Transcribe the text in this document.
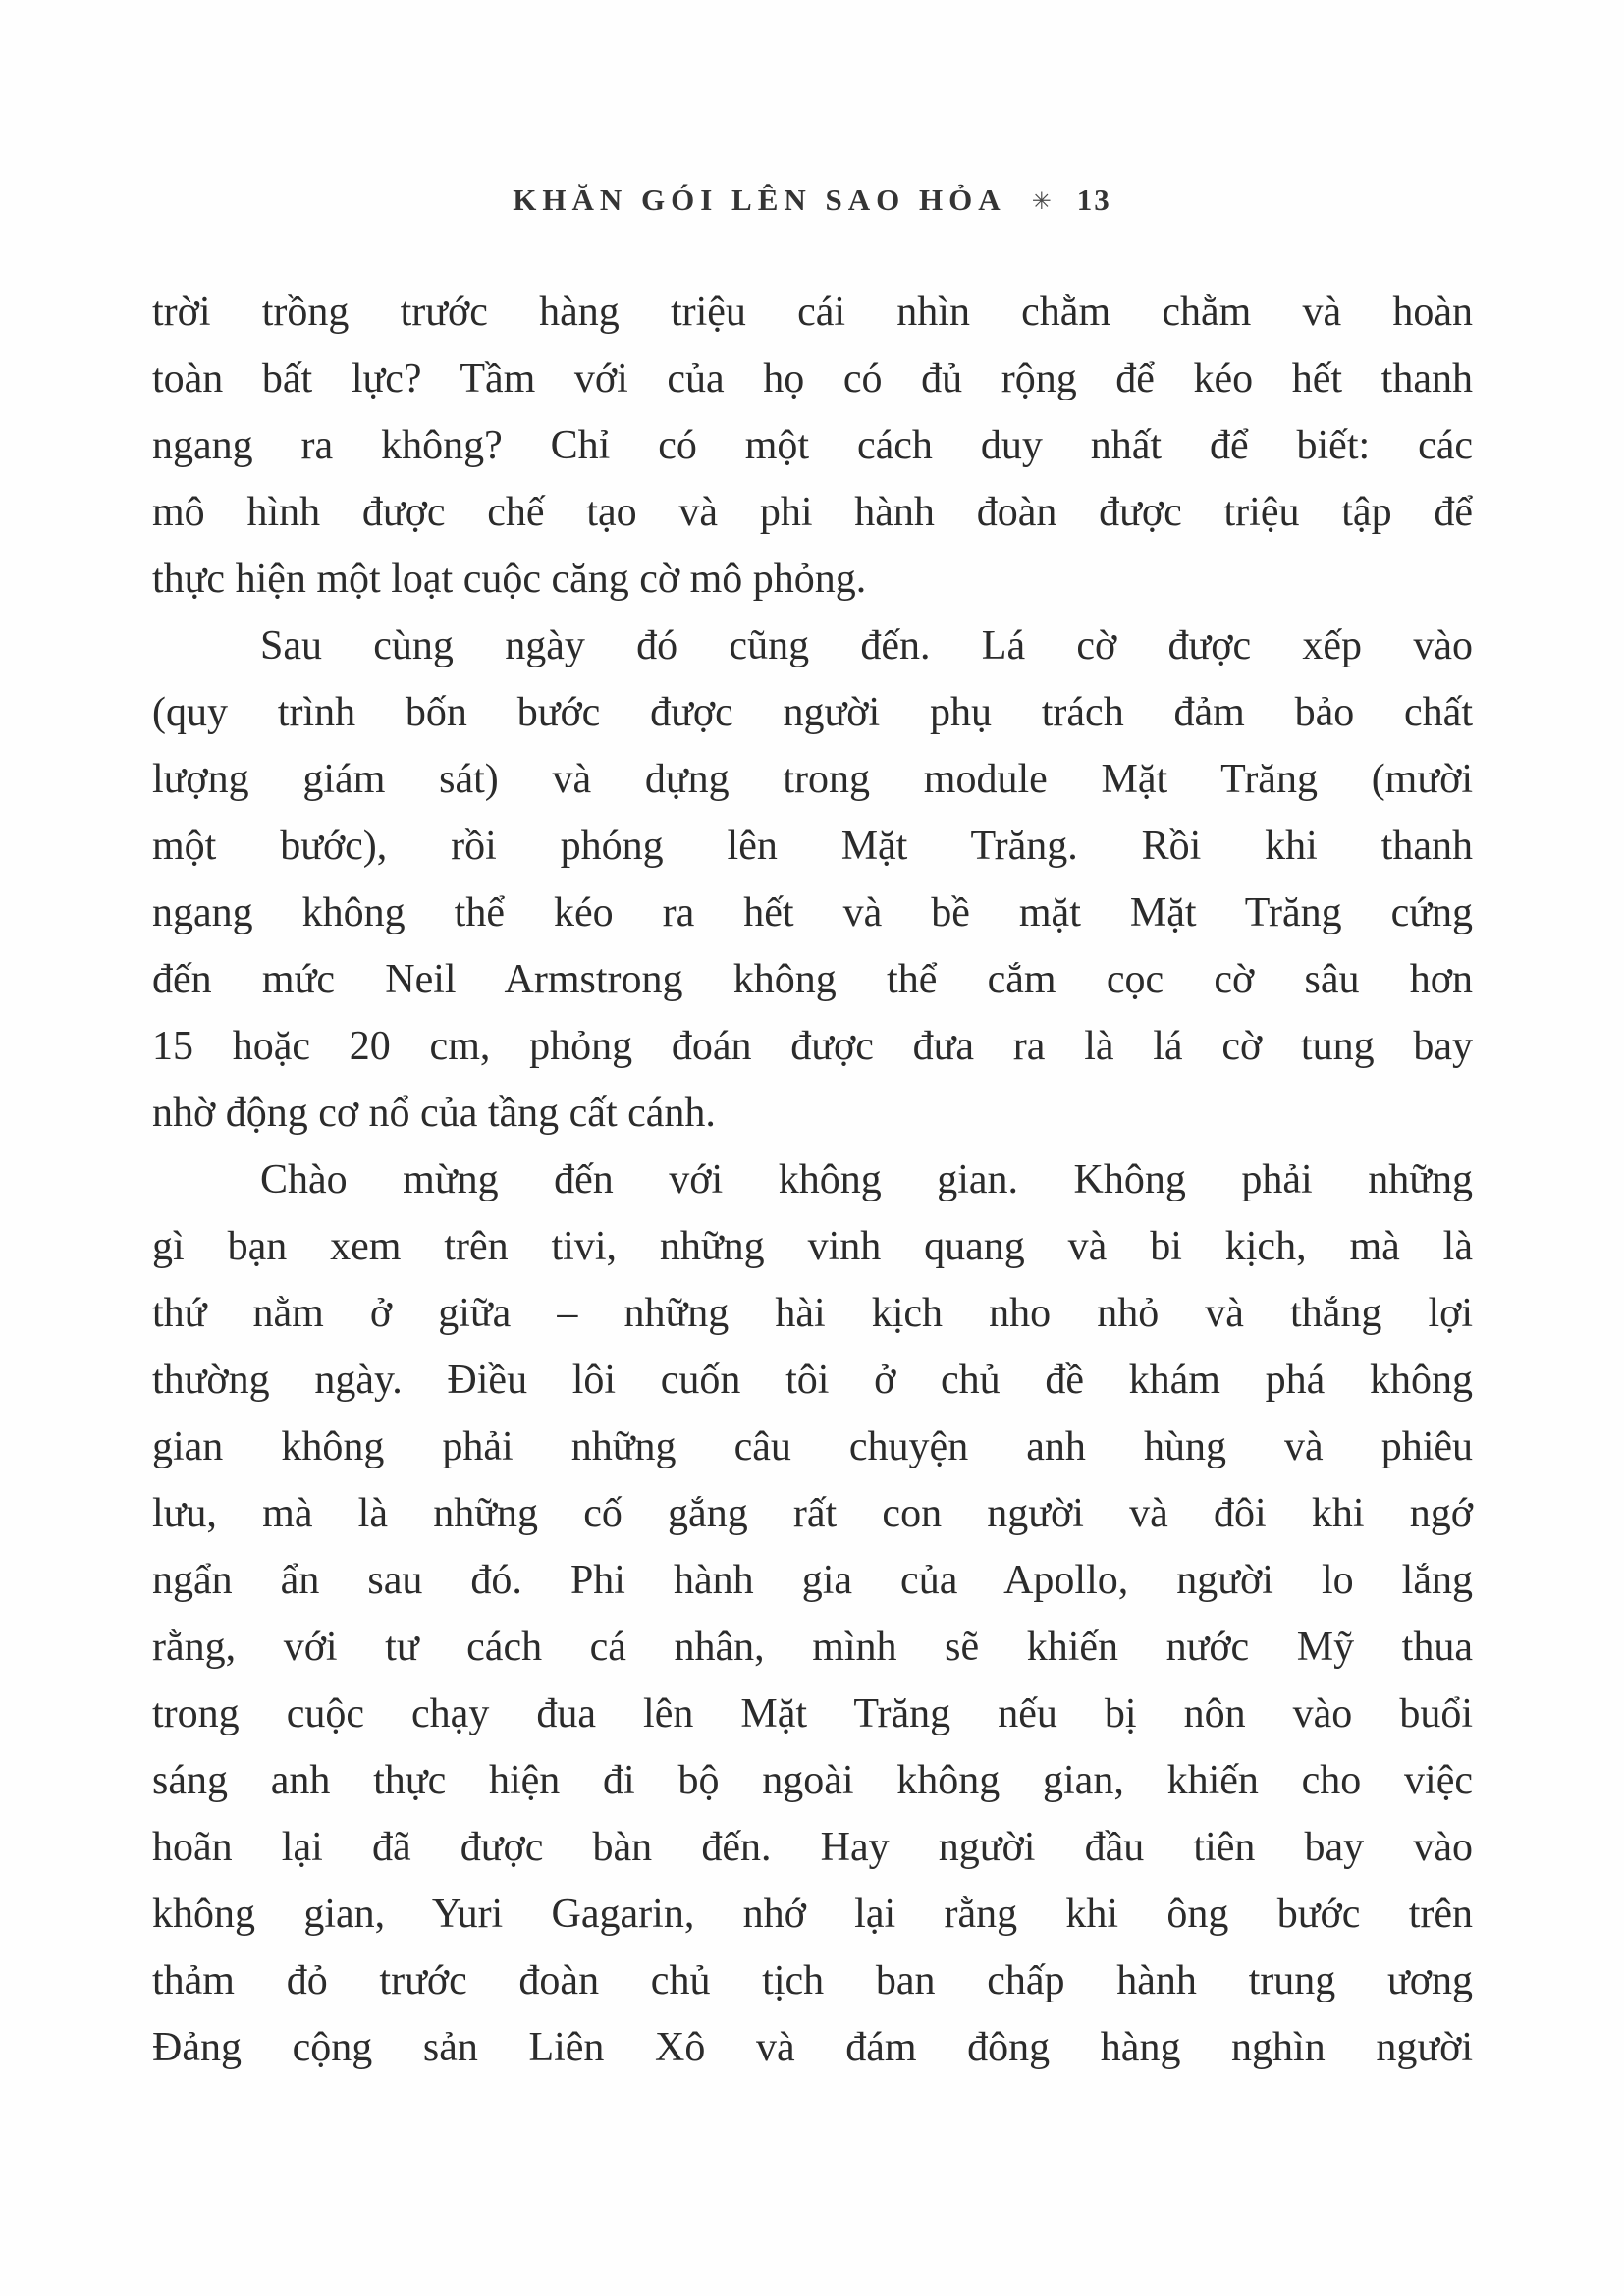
KHĂN GÓI LÊN SAO HỎA ✳ 13
trời trồng trước hàng triệu cái nhìn chằm chằm và hoàn
toàn bất lực? Tầm với của họ có đủ rộng để kéo hết thanh
ngang ra không? Chỉ có một cách duy nhất để biết: các
mô hình được chế tạo và phi hành đoàn được triệu tập để
thực hiện một loạt cuộc căng cờ mô phỏng.
Sau cùng ngày đó cũng đến. Lá cờ được xếp vào
(quy trình bốn bước được người phụ trách đảm bảo chất
lượng giám sát) và dựng trong module Mặt Trăng (mười
một bước), rồi phóng lên Mặt Trăng. Rồi khi thanh
ngang không thể kéo ra hết và bề mặt Mặt Trăng cứng
đến mức Neil Armstrong không thể cắm cọc cờ sâu hơn
15 hoặc 20 cm, phỏng đoán được đưa ra là lá cờ tung bay
nhờ động cơ nổ của tầng cất cánh.
Chào mừng đến với không gian. Không phải những
gì bạn xem trên tivi, những vinh quang và bi kịch, mà là
thứ nằm ở giữa – những hài kịch nho nhỏ và thắng lợi
thường ngày. Điều lôi cuốn tôi ở chủ đề khám phá không
gian không phải những câu chuyện anh hùng và phiêu
lưu, mà là những cố gắng rất con người và đôi khi ngớ
ngẩn ẩn sau đó. Phi hành gia của Apollo, người lo lắng
rằng, với tư cách cá nhân, mình sẽ khiến nước Mỹ thua
trong cuộc chạy đua lên Mặt Trăng nếu bị nôn vào buổi
sáng anh thực hiện đi bộ ngoài không gian, khiến cho việc
hoãn lại đã được bàn đến. Hay người đầu tiên bay vào
không gian, Yuri Gagarin, nhớ lại rằng khi ông bước trên
thảm đỏ trước đoàn chủ tịch ban chấp hành trung ương
Đảng cộng sản Liên Xô và đám đông hàng nghìn người
